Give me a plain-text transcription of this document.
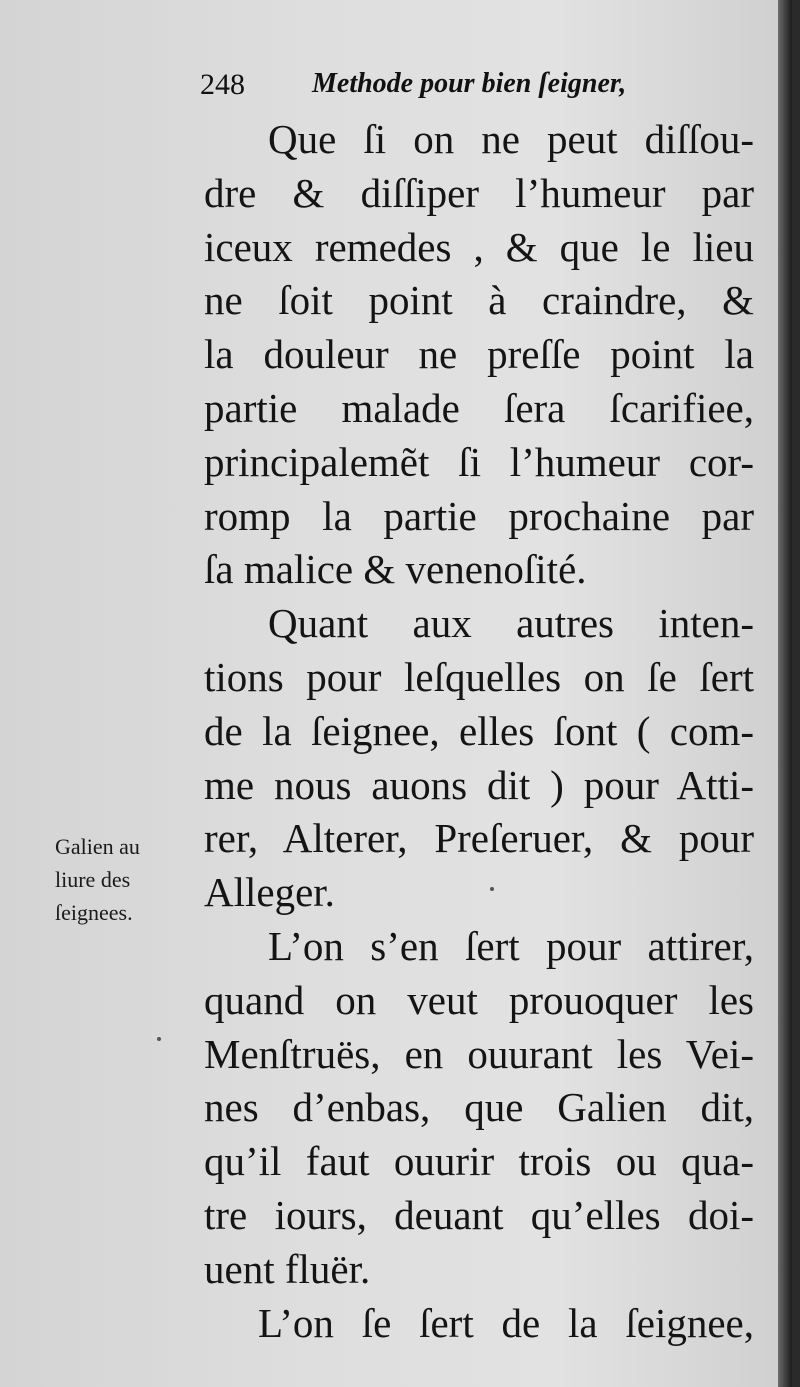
248 Methode pour bien ſeigner,
Galien au
liure des
ſeignees.
Que ſi on ne peut diſſou-
dre & diſſiper l’humeur par
iceux remedes , & que le lieu
ne ſoit point à craindre, &
la douleur ne preſſe point la
partie malade ſera ſcarifiee,
principalemẽt ſi l’humeur cor-
romp la partie prochaine par
ſa malice & venenoſité.
Quant aux autres inten-
tions pour leſquelles on ſe ſert
de la ſeignee, elles ſont ( com-
me nous auons dit ) pour Atti-
rer, Alterer, Preſeruer, & pour
Alleger.
L’on s’en ſert pour attirer,
quand on veut prouoquer les
Menſtruës, en ouurant les Vei-
nes d’enbas, que Galien dit,
qu’il faut ouurir trois ou qua-
tre iours, deuant qu’elles doi-
uent fluër.
L’on ſe ſert de la ſeignee,
